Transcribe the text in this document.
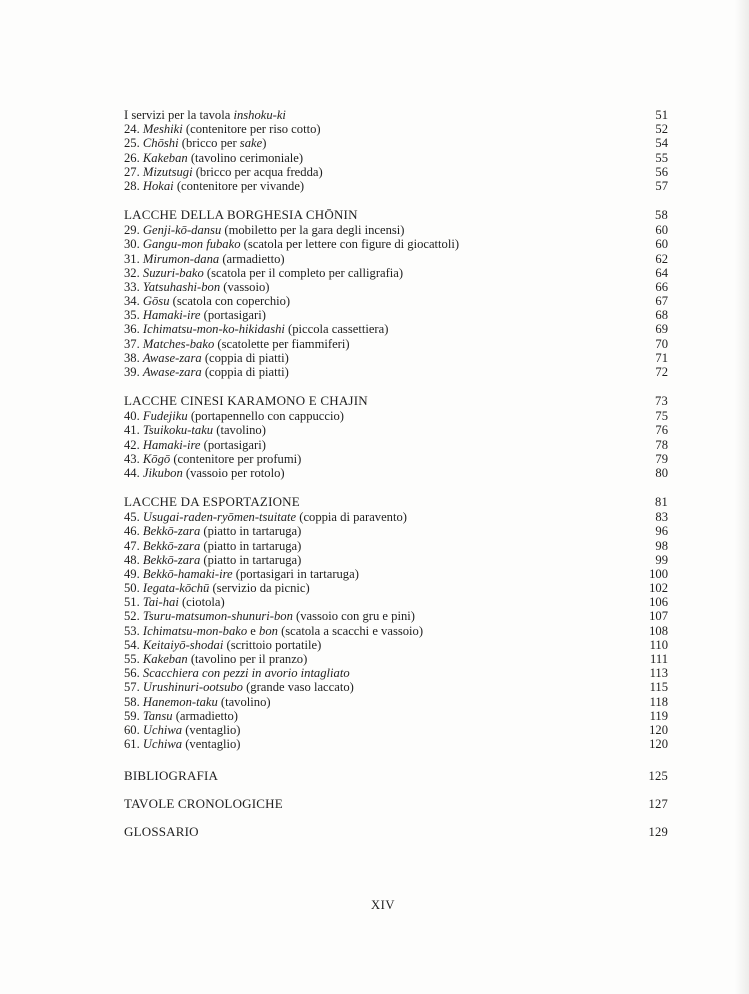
I servizi per la tavola inshoku-ki	51
24. Meshiki (contenitore per riso cotto)	52
25. Chōshi (bricco per sake)	54
26. Kakeban (tavolino cerimoniale)	55
27. Mizutsugi (bricco per acqua fredda)	56
28. Hokai (contenitore per vivande)	57
LACCHE DELLA BORGHESIA CHŌNIN	58
29. Genji-kō-dansu (mobiletto per la gara degli incensi)	60
30. Gangu-mon fubako (scatola per lettere con figure di giocattoli)	60
31. Mirumon-dana (armadietto)	62
32. Suzuri-bako (scatola per il completo per calligrafia)	64
33. Yatsuhashi-bon (vassoio)	66
34. Gōsu (scatola con coperchio)	67
35. Hamaki-ire (portasigari)	68
36. Ichimatsu-mon-ko-hikidashi (piccola cassettiera)	69
37. Matches-bako (scatolette per fiammiferi)	70
38. Awase-zara (coppia di piatti)	71
39. Awase-zara (coppia di piatti)	72
LACCHE CINESI KARAMONO E CHAJIN	73
40. Fudejiku (portapennello con cappuccio)	75
41. Tsuikoku-taku (tavolino)	76
42. Hamaki-ire (portasigari)	78
43. Kōgō (contenitore per profumi)	79
44. Jikubon (vassoio per rotolo)	80
LACCHE DA ESPORTAZIONE	81
45. Usugai-raden-ryōmen-tsuitate (coppia di paravento)	83
46. Bekkō-zara (piatto in tartaruga)	96
47. Bekkō-zara (piatto in tartaruga)	98
48. Bekkō-zara (piatto in tartaruga)	99
49. Bekkō-hamaki-ire (portasigari in tartaruga)	100
50. Iegata-kōchū (servizio da picnic)	102
51. Tai-hai (ciotola)	106
52. Tsuru-matsumon-shunuri-bon (vassoio con gru e pini)	107
53. Ichimatsu-mon-bako e bon (scatola a scacchi e vassoio)	108
54. Keitaiyō-shodai (scrittoio portatile)	110
55. Kakeban (tavolino per il pranzo)	111
56. Scacchiera con pezzi in avorio intagliato	113
57. Urushinuri-ootsubo (grande vaso laccato)	115
58. Hanemon-taku (tavolino)	118
59. Tansu (armadietto)	119
60. Uchiwa (ventaglio)	120
61. Uchiwa (ventaglio)	120
BIBLIOGRAFIA	125
TAVOLE CRONOLOGICHE	127
GLOSSARIO	129
XIV
